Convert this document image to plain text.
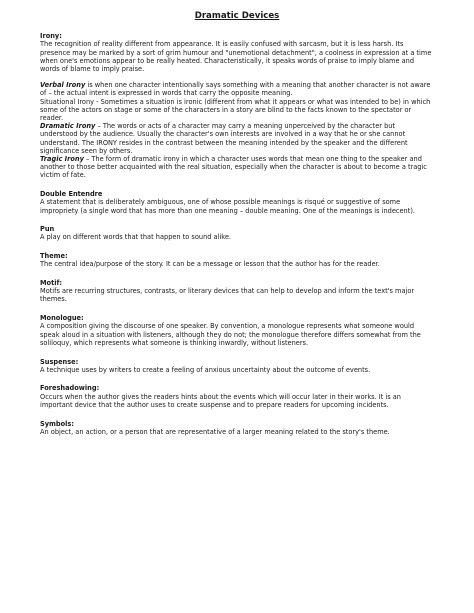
Dramatic Devices

Irony:

The recognition of reality different from appearance. It is easily confused with sarcasm, but it is less harsh. Its presence may be marked by a sort of grim humour and "unemotional detachment", a coolness in expression at a time when one's emotions appear to be really heated. Characteristically, it speaks words of praise to imply blame and words of blame to imply praise.

Verbal Irony is when one character intentionally says something with a meaning that another character is not aware of – the actual intent is expressed in words that carry the opposite meaning.

Situational Irony - Sometimes a situation is ironic (different from what it appears or what was intended to be) in which some of the actors on stage or some of the characters in a story are blind to the facts known to the spectator or reader.

Dramatic Irony – The words or acts of a character may carry a meaning unperceived by the character but understood by the audience. Usually the character's own interests are involved in a way that he or she cannot understand. The IRONY resides in the contrast between the meaning intended by the speaker and the different significance seen by others.

Tragic Irony – The form of dramatic irony in which a character uses words that mean one thing to the speaker and another to those better acquainted with the real situation, especially when the character is about to become a tragic victim of fate.

Double Entendre

A statement that is deliberately ambiguous, one of whose possible meanings is risqué or suggestive of some impropriety (a single word that has more than one meaning – double meaning. One of the meanings is indecent).

Pun

A play on different words that that happen to sound alike.

Theme:

The central idea/purpose of the story. It can be a message or lesson that the author has for the reader.

Motif:

Motifs are recurring structures, contrasts, or literary devices that can help to develop and inform the text's major themes.

Monologue:

A composition giving the discourse of one speaker. By convention, a monologue represents what someone would speak aloud in a situation with listeners, although they do not; the monologue therefore differs somewhat from the soliloquy, which represents what someone is thinking inwardly, without listeners.

Suspense:

A technique uses by writers to create a feeling of anxious uncertainty about the outcome of events.

Foreshadowing:

Occurs when the author gives the readers hints about the events which will occur later in their works. It is an important device that the author uses to create suspense and to prepare readers for upcoming incidents.

Symbols:

An object, an action, or a person that are representative of a larger meaning related to the story's theme.
